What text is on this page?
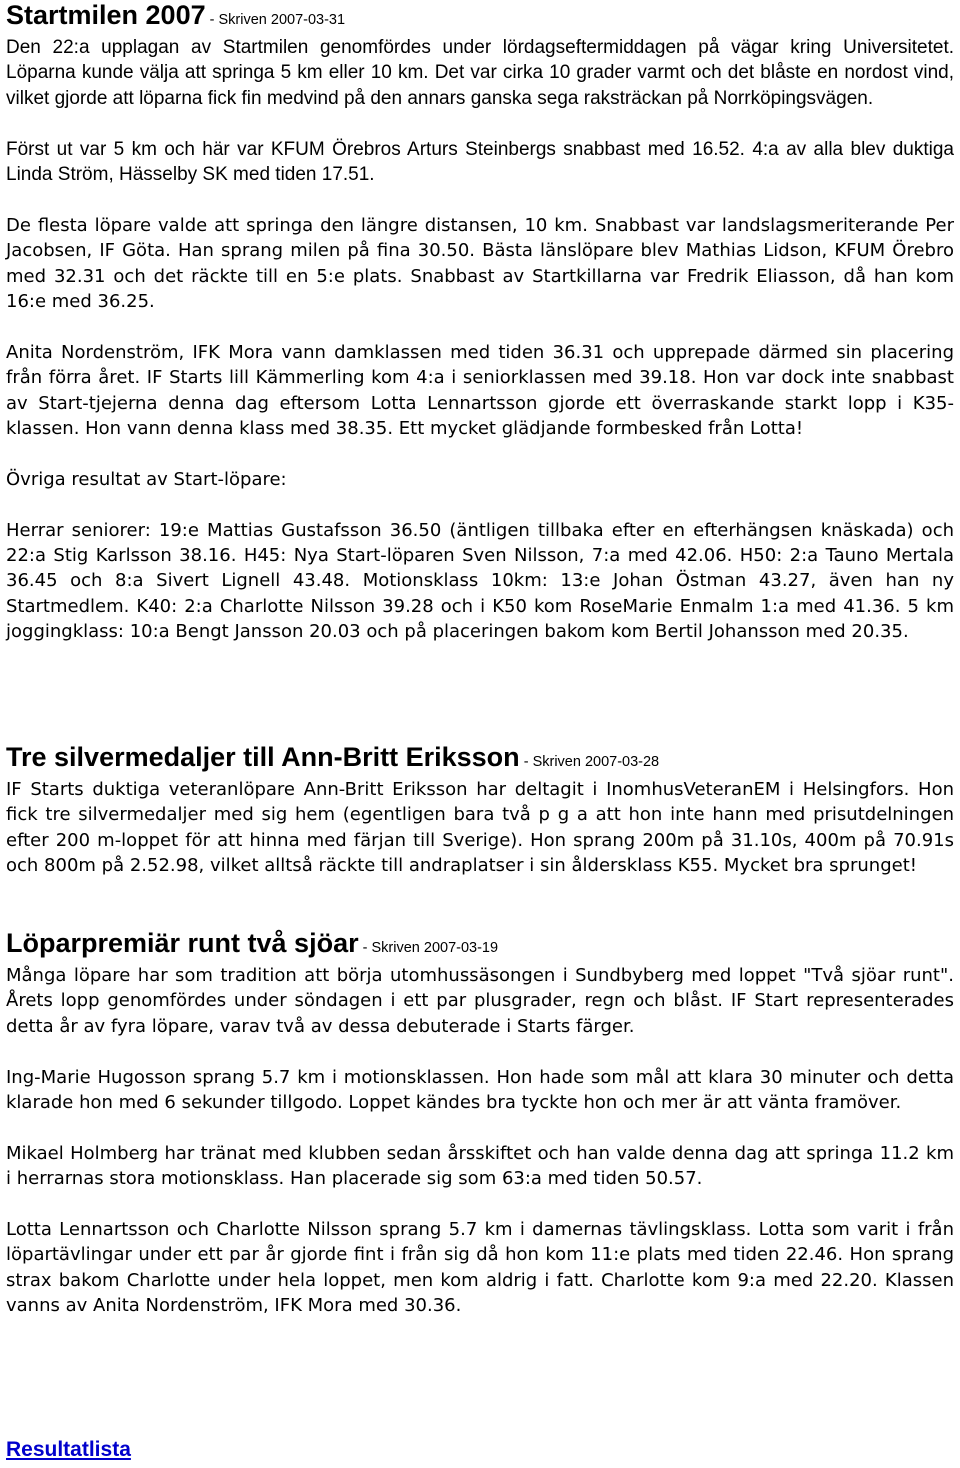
Startmilen 2007 - Skriven 2007-03-31

Den 22:a upplagan av Startmilen genomfördes under lördagseftermiddagen på vägar kring Universitetet. Löparna kunde välja att springa 5 km eller 10 km. Det var cirka 10 grader varmt och det blåste en nordost vind, vilket gjorde att löparna fick fin medvind på den annars ganska sega raksträckan på Norrköpingsvägen.

Först ut var 5 km och här var KFUM Örebros Arturs Steinbergs snabbast med 16.52. 4:a av alla blev duktiga Linda Ström, Hässelby SK med tiden 17.51.

De flesta löpare valde att springa den längre distansen, 10 km. Snabbast var landslagsmeriterande Per Jacobsen, IF Göta. Han sprang milen på fina 30.50. Bästa länslöpare blev Mathias Lidson, KFUM Örebro med 32.31 och det räckte till en 5:e plats. Snabbast av Startkillarna var Fredrik Eliasson, då han kom 16:e med 36.25.

Anita Nordenström, IFK Mora vann damklassen med tiden 36.31 och upprepade därmed sin placering från förra året. IF Starts lill Kämmerling kom 4:a i seniorklassen med 39.18. Hon var dock inte snabbast av Start-tjejerna denna dag eftersom Lotta Lennartsson gjorde ett överraskande starkt lopp i K35-klassen. Hon vann denna klass med 38.35. Ett mycket glädjande formbesked från Lotta!

Övriga resultat av Start-löpare:

Herrar seniorer: 19:e Mattias Gustafsson 36.50 (äntligen tillbaka efter en efterhängsen knäskada) och 22:a Stig Karlsson 38.16. H45: Nya Start-löparen Sven Nilsson, 7:a med 42.06. H50: 2:a Tauno Mertala 36.45 och 8:a Sivert Lignell 43.48. Motionsklass 10km: 13:e Johan Östman 43.27, även han ny Startmedlem. K40: 2:a Charlotte Nilsson 39.28 och i K50 kom RoseMarie Enmalm 1:a med 41.36. 5 km joggingklass: 10:a Bengt Jansson 20.03 och på placeringen bakom kom Bertil Johansson med 20.35.

Tre silvermedaljer till Ann-Britt Eriksson - Skriven 2007-03-28

IF Starts duktiga veteranlöpare Ann-Britt Eriksson har deltagit i InomhusVeteranEM i Helsingfors. Hon fick tre silvermedaljer med sig hem (egentligen bara två p g a att hon inte hann med prisutdelningen efter 200 m-loppet för att hinna med färjan till Sverige). Hon sprang 200m på 31.10s, 400m på 70.91s och 800m på 2.52.98, vilket alltså räckte till andraplatser i sin åldersklass K55. Mycket bra sprunget!

Löparpremiär runt två sjöar - Skriven 2007-03-19

Många löpare har som tradition att börja utomhussäsongen i Sundbyberg med loppet "Två sjöar runt". Årets lopp genomfördes under söndagen i ett par plusgrader, regn och blåst. IF Start representerades detta år av fyra löpare, varav två av dessa debuterade i Starts färger.

Ing-Marie Hugosson sprang 5.7 km i motionsklassen. Hon hade som mål att klara 30 minuter och detta klarade hon med 6 sekunder tillgodo. Loppet kändes bra tyckte hon och mer är att vänta framöver.

Mikael Holmberg har tränat med klubben sedan årsskiftet och han valde denna dag att springa 11.2 km i herrarnas stora motionsklass. Han placerade sig som 63:a med tiden 50.57.

Lotta Lennartsson och Charlotte Nilsson sprang 5.7 km i damernas tävlingsklass. Lotta som varit i från löpartävlingar under ett par år gjorde fint i från sig då hon kom 11:e plats med tiden 22.46. Hon sprang strax bakom Charlotte under hela loppet, men kom aldrig i fatt. Charlotte kom 9:a med 22.20. Klassen vanns av Anita Nordenström, IFK Mora med 30.36.

Resultatlista
